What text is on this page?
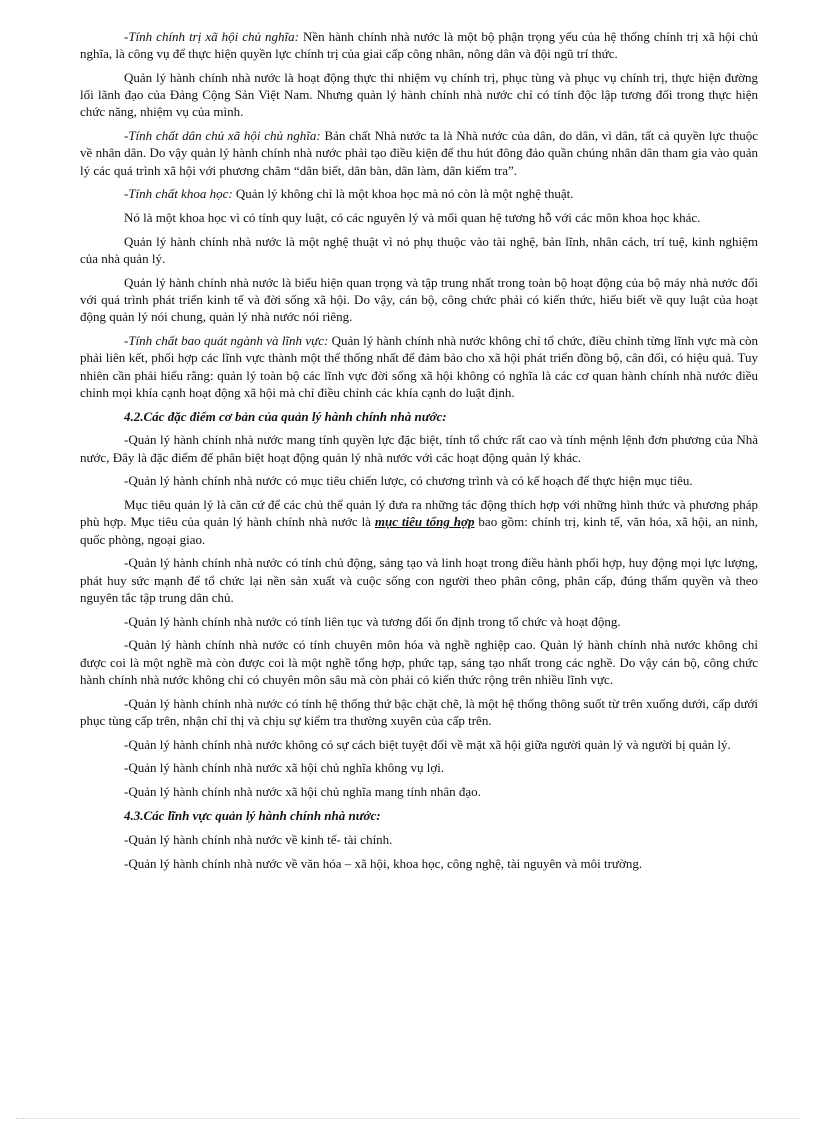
-Tính chính trị xã hội chủ nghĩa: Nền hành chính nhà nước là một bộ phận trọng yếu của hệ thống chính trị xã hội chủ nghĩa, là công vụ để thực hiện quyền lực chính trị của giai cấp công nhân, nông dân và đội ngũ trí thức.

Quản lý hành chính nhà nước là hoạt động thực thi nhiệm vụ chính trị, phục tùng và phục vụ chính trị, thực hiện đường lối lãnh đạo của Đảng Cộng Sản Việt Nam. Nhưng quản lý hành chính nhà nước chỉ có tính độc lập tương đối trong thực hiện chức năng, nhiệm vụ của mình.

-Tính chất dân chủ xã hội chủ nghĩa: Bản chất Nhà nước ta là Nhà nước của dân, do dân, vì dân, tất cả quyền lực thuộc về nhân dân. Do vậy quản lý hành chính nhà nước phải tạo điều kiện để thu hút đông đảo quần chúng nhân dân tham gia vào quản lý các quá trình xã hội với phương châm “dân biết, dân bàn, dân làm, dân kiểm tra”.

-Tính chất khoa học: Quản lý không chỉ là một khoa học mà nó còn là một nghệ thuật.

Nó là một khoa học vì có tính quy luật, có các nguyên lý và mối quan hệ tương hỗ với các môn khoa học khác.

Quản lý hành chính nhà nước là một nghệ thuật vì nó phụ thuộc vào tài nghệ, bản lĩnh, nhân cách, trí tuệ, kinh nghiệm của nhà quản lý.

Quản lý hành chính nhà nước là biểu hiện quan trọng và tập trung nhất trong toàn bộ hoạt động của bộ máy nhà nước đối với quá trình phát triển kinh tế và đời sống xã hội. Do vậy, cán bộ, công chức phải có kiến thức, hiểu biết về quy luật của hoạt động quản lý nói chung, quản lý nhà nước nói riêng.

-Tính chất bao quát ngành và lĩnh vực: Quản lý hành chính nhà nước không chỉ tổ chức, điều chỉnh từng lĩnh vực mà còn phải liên kết, phối hợp các lĩnh vực thành một thể thống nhất để đảm bảo cho xã hội phát triển đồng bộ, cân đối, có hiệu quả. Tuy nhiên cần phải hiểu rằng: quản lý toàn bộ các lĩnh vực đời sống xã hội không có nghĩa là các cơ quan hành chính nhà nước điều chỉnh mọi khía cạnh hoạt động xã hội mà chỉ điều chỉnh các khía cạnh do luật định.

4.2.Các đặc điểm cơ bản của quản lý hành chính nhà nước:

-Quản lý hành chính nhà nước mang tính quyền lực đặc biệt, tính tổ chức rất cao và tính mệnh lệnh đơn phương của Nhà nước, Đây là đặc điểm để phân biệt hoạt động quản lý nhà nước với các hoạt động quản lý khác.

-Quản lý hành chính nhà nước có mục tiêu chiến lược, có chương trình và có kế hoạch để thực hiện mục tiêu.

Mục tiêu quản lý là căn cứ để các chủ thể quản lý đưa ra những tác động thích hợp với những hình thức và phương pháp phù hợp. Mục tiêu của quản lý hành chính nhà nước là mục tiêu tổng hợp bao gồm: chính trị, kinh tế, văn hóa, xã hội, an ninh, quốc phòng, ngoại giao.

-Quản lý hành chính nhà nước có tính chủ động, sáng tạo và linh hoạt trong điều hành phối hợp, huy động mọi lực lượng, phát huy sức mạnh để tổ chức lại nền sản xuất và cuộc sống con người theo phân công, phân cấp, đúng thẩm quyền và theo nguyên tắc tập trung dân chủ.

-Quản lý hành chính nhà nước có tính liên tục và tương đối ổn định trong tổ chức và hoạt động.

-Quản lý hành chính nhà nước có tính chuyên môn hóa và nghề nghiệp cao. Quản lý hành chính nhà nước không chỉ được coi là một nghề mà còn được coi là một nghề tổng hợp, phức tạp, sáng tạo nhất trong các nghề. Do vậy cán bộ, công chức hành chính nhà nước không chỉ có chuyên môn sâu mà còn phải có kiến thức rộng trên nhiều lĩnh vực.

-Quản lý hành chính nhà nước có tính hệ thống thứ bậc chặt chẽ, là một hệ thống thông suốt từ trên xuống dưới, cấp dưới phục tùng cấp trên, nhận chỉ thị và chịu sự kiểm tra thường xuyên của cấp trên.

-Quản lý hành chính nhà nước không có sự cách biệt tuyệt đối về mặt xã hội giữa người quản lý và người bị quản lý.

-Quản lý hành chính nhà nước xã hội chủ nghĩa không vụ lợi.

-Quản lý hành chính nhà nước xã hội chủ nghĩa mang tính nhân đạo.

4.3.Các lĩnh vực quản lý hành chính nhà nước:

-Quản lý hành chính nhà nước về kinh tế- tài chính.

-Quản lý hành chính nhà nước về văn hóa – xã hội, khoa học, công nghệ, tài nguyên và môi trường.
